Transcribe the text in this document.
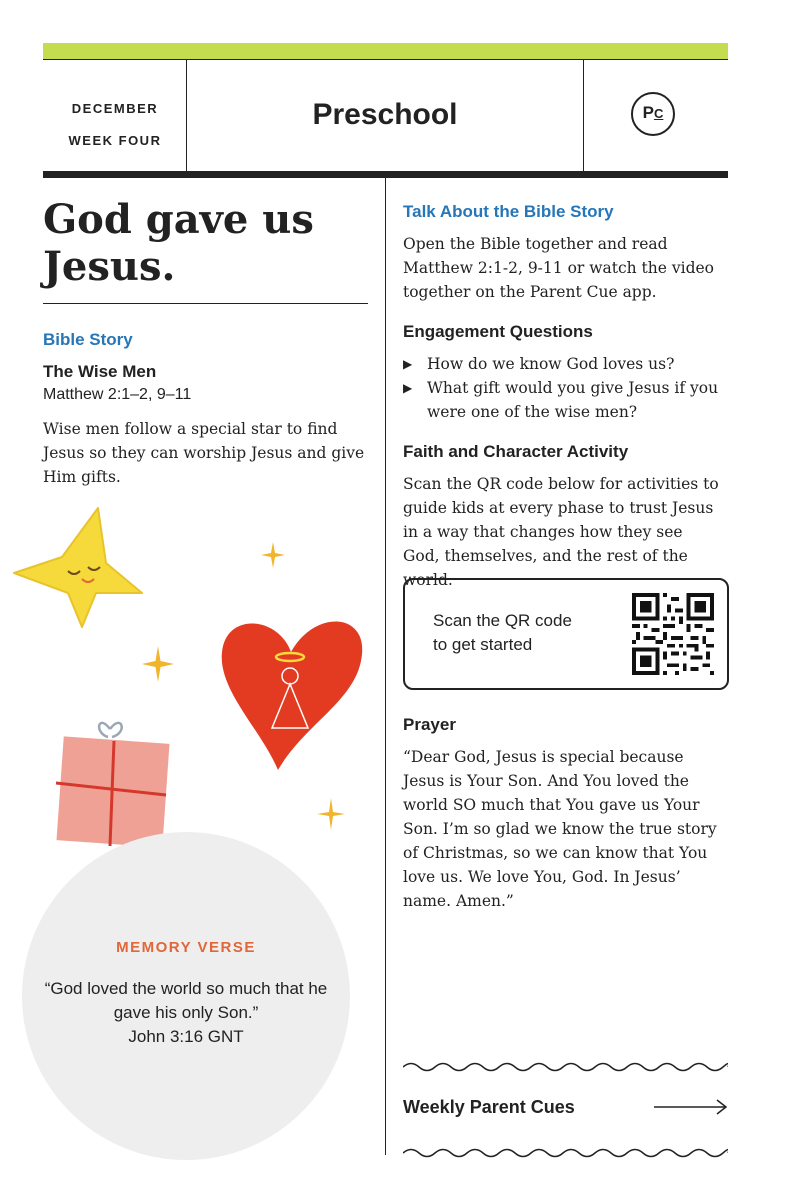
DECEMBER
WEEK FOUR
Preschool	PC
God gave us Jesus.
Bible Story
The Wise Men
Matthew 2:1–2, 9–11
Wise men follow a special star to find Jesus so they can worship Jesus and give Him gifts.
MEMORY VERSE
“God loved the world so much that he gave his only Son.”
John 3:16 GNT
Talk About the Bible Story
Open the Bible together and read Matthew 2:1-2, 9-11 or watch the video together on the Parent Cue app.
Engagement Questions
▶ How do we know God loves us?
▶ What gift would you give Jesus if you were one of the wise men?
Faith and Character Activity
Scan the QR code below for activities to guide kids at every phase to trust Jesus in a way that changes how they see God, themselves, and the rest of the world.
Scan the QR code
to get started
Prayer
“Dear God, Jesus is special because Jesus is Your Son. And You loved the world SO much that You gave us Your Son. I’m so glad we know the true story of Christmas, so we can know that You love us. We love You, God. In Jesus’ name. Amen.”
Weekly Parent Cues
